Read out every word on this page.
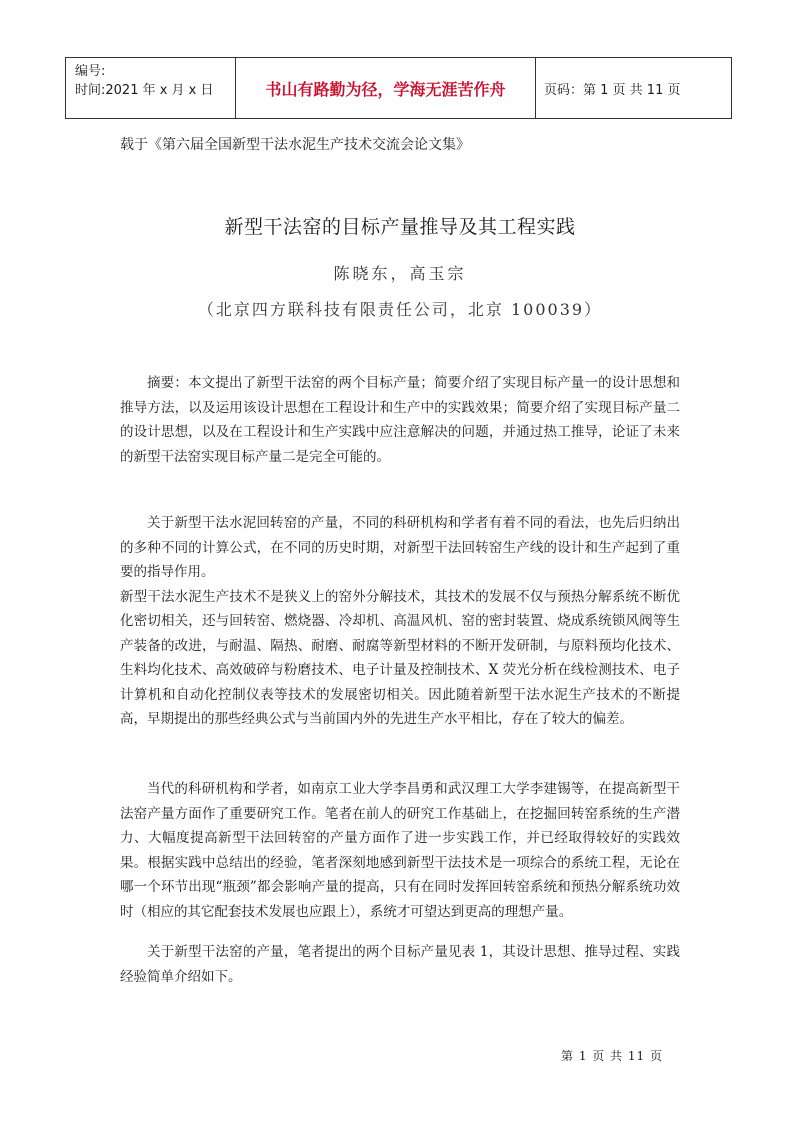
编号:
时间:2021 年 x 月 x 日	书山有路勤为径，学海无涯苦作舟	页码：第 1 页 共 11 页
载于《第六届全国新型干法水泥生产技术交流会论文集》
新型干法窑的目标产量推导及其工程实践
陈晓东，高玉宗
（北京四方联科技有限责任公司，北京 100039）
摘要：本文提出了新型干法窑的两个目标产量；简要介绍了实现目标产量一的设计思想和推导方法，以及运用该设计思想在工程设计和生产中的实践效果；简要介绍了实现目标产量二的设计思想，以及在工程设计和生产实践中应注意解决的问题，并通过热工推导，论证了未来的新型干法窑实现目标产量二是完全可能的。
关于新型干法水泥回转窑的产量，不同的科研机构和学者有着不同的看法，也先后归纳出的多种不同的计算公式，在不同的历史时期，对新型干法回转窑生产线的设计和生产起到了重要的指导作用。
新型干法水泥生产技术不是狭义上的窑外分解技术，其技术的发展不仅与预热分解系统不断优化密切相关，还与回转窑、燃烧器、冷却机、高温风机、窑的密封装置、烧成系统锁风阀等生产装备的改进，与耐温、隔热、耐磨、耐腐等新型材料的不断开发研制，与原料预均化技术、生料均化技术、高效破碎与粉磨技术、电子计量及控制技术、X 荧光分析在线检测技术、电子计算机和自动化控制仪表等技术的发展密切相关。因此随着新型干法水泥生产技术的不断提高，早期提出的那些经典公式与当前国内外的先进生产水平相比，存在了较大的偏差。
当代的科研机构和学者，如南京工业大学李昌勇和武汉理工大学李建锡等，在提高新型干法窑产量方面作了重要研究工作。笔者在前人的研究工作基础上，在挖掘回转窑系统的生产潜力、大幅度提高新型干法回转窑的产量方面作了进一步实践工作，并已经取得较好的实践效果。根据实践中总结出的经验，笔者深刻地感到新型干法技术是一项综合的系统工程，无论在哪一个环节出现“瓶颈”都会影响产量的提高，只有在同时发挥回转窑系统和预热分解系统功效时（相应的其它配套技术发展也应跟上），系统才可望达到更高的理想产量。
关于新型干法窑的产量，笔者提出的两个目标产量见表 1，其设计思想、推导过程、实践经验简单介绍如下。
第 1 页 共 11 页
